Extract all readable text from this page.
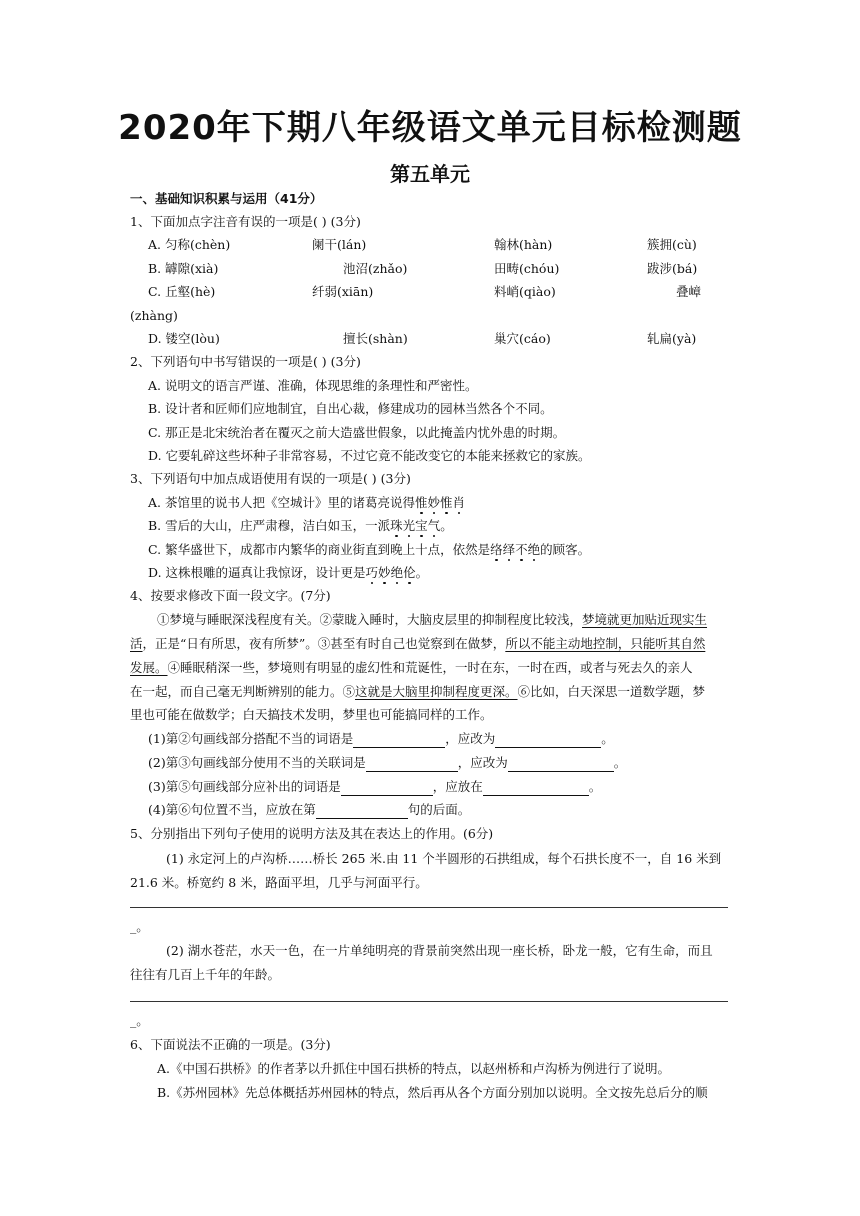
2020年下期八年级语文单元目标检测题
第五单元
一、基础知识积累与运用（41分）
1、下面加点字注音有误的一项是( ) (3分)
A. 匀称(chèn)	阑干(lán)	翰林(hàn)	簇拥(cù)
B. 罅隙(xià)	池沼(zhǎo)	田畴(chóu)	跋涉(bá)
C. 丘壑(hè)	纤弱(xiān)	料峭(qiào)	叠嶂
(zhàng)
D. 镂空(lòu)	擅长(shàn)	巢穴(cáo)	轧扁(yà)
2、下列语句中书写错误的一项是( ) (3分)
A. 说明文的语言严谨、准确，体现思维的条理性和严密性。
B. 设计者和匠师们应地制宜，自出心裁，修建成功的园林当然各个不同。
C. 那正是北宋统治者在覆灭之前大造盛世假象，以此掩盖内忧外患的时期。
D. 它要轧碎这些坏种子非常容易，不过它竟不能改变它的本能来拯救它的家族。
3、下列语句中加点成语使用有误的一项是( ) (3分)
A. 茶馆里的说书人把《空城计》里的诸葛亮说得惟妙惟肖
B. 雪后的大山，庄严肃穆，洁白如玉，一派珠光宝气。
C. 繁华盛世下，成都市内繁华的商业街直到晚上十点，依然是络绎不绝的顾客。
D. 这株根雕的逼真让我惊讶，设计更是巧妙绝伦。
4、按要求修改下面一段文字。(7分)
①梦境与睡眠深浅程度有关。②蒙眬入睡时，大脑皮层里的抑制程度比较浅，梦境就更加贴近现实生
活，正是“日有所思，夜有所梦”。③甚至有时自己也觉察到在做梦，所以不能主动地控制，只能听其自然
发展。④睡眠稍深一些，梦境则有明显的虚幻性和荒诞性，一时在东，一时在西，或者与死去久的亲人
在一起，而自己毫无判断辨别的能力。⑤这就是大脑里抑制程度更深。⑥比如，白天深思一道数学题，梦
里也可能在做数学；白天搞技术发明，梦里也可能搞同样的工作。
(1)第②句画线部分搭配不当的词语是	，应改为	。
(2)第③句画线部分使用不当的关联词是	，应改为	。
(3)第⑤句画线部分应补出的词语是	，应放在	。
(4)第⑥句位置不当，应放在第	句的后面。
5、分别指出下列句子使用的说明方法及其在表达上的作用。(6分)
(1) 永定河上的卢沟桥……桥长 265 米.由 11 个半圆形的石拱组成，每个石拱长度不一，自 16 米到
21.6 米。桥宽约 8 米，路面平坦，几乎与河面平行。
_。
(2) 湖水苍茫，水天一色，在一片单纯明亮的背景前突然出现一座长桥，卧龙一般，它有生命，而且
往往有几百上千年的年龄。
_。
6、下面说法不正确的一项是。(3分)
A.《中国石拱桥》的作者茅以升抓住中国石拱桥的特点，以赵州桥和卢沟桥为例进行了说明。
B.《苏州园林》先总体概括苏州园林的特点，然后再从各个方面分别加以说明。全文按先总后分的顺
